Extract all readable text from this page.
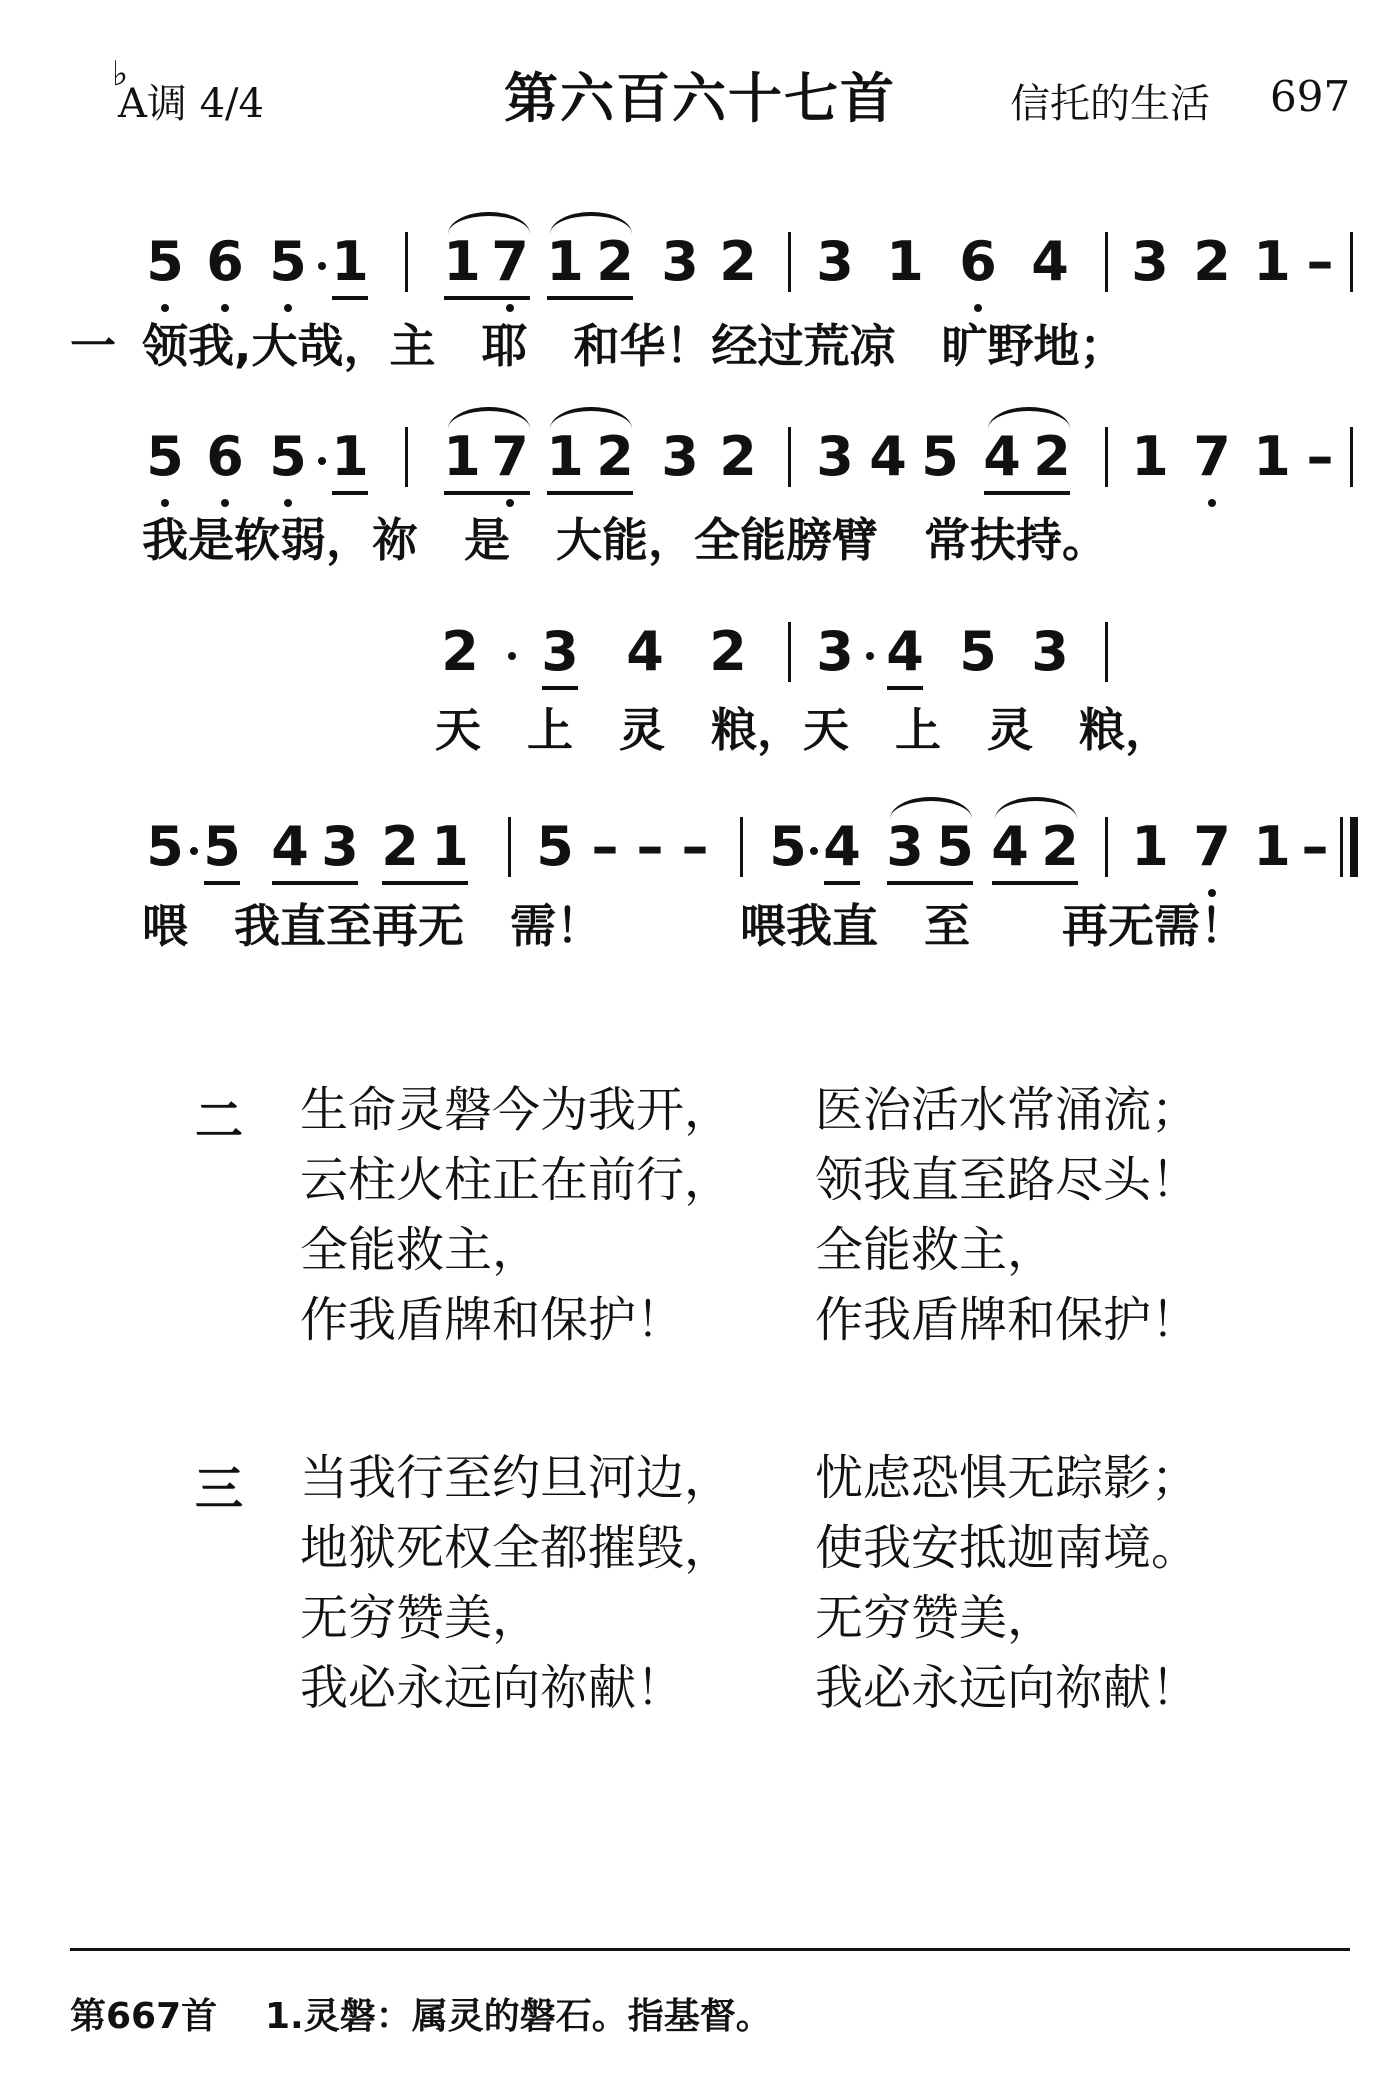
♭
A调 4/4	第六百六十七首	信托的生活 697
5 6 5 1 1 7 1 2 3 2 3 1 6 4 3 2 1 –
一 领我,大哉，主　耶　和华！经过荒凉　旷野地；
5 6 5 1 1 7 1 2 3 2 3 4 5 4 2 1 7 1 –
我是软弱，祢　是　大能，全能膀臂　常扶持。
2 3 4 2 3 4 5 3
天　上　灵　粮，天　上　灵　粮，
5 5 4 3 2 1 5 – – – 5 4 3 5 4 2 1 7 1 –
喂　我直至再无　需！　　　喂我直　至　　再无需！
二 生命灵磐今为我开，
云柱火柱正在前行，
全能救主，
作我盾牌和保护！
医治活水常涌流；
领我直至路尽头！
全能救主，
作我盾牌和保护！
三 当我行至约旦河边，
地狱死权全都摧毁，
无穷赞美，
我必永远向祢献！
忧虑恐惧无踪影；
使我安抵迦南境。
无穷赞美，
我必永远向祢献！
第667首 1.灵磐：属灵的磐石。指基督。
